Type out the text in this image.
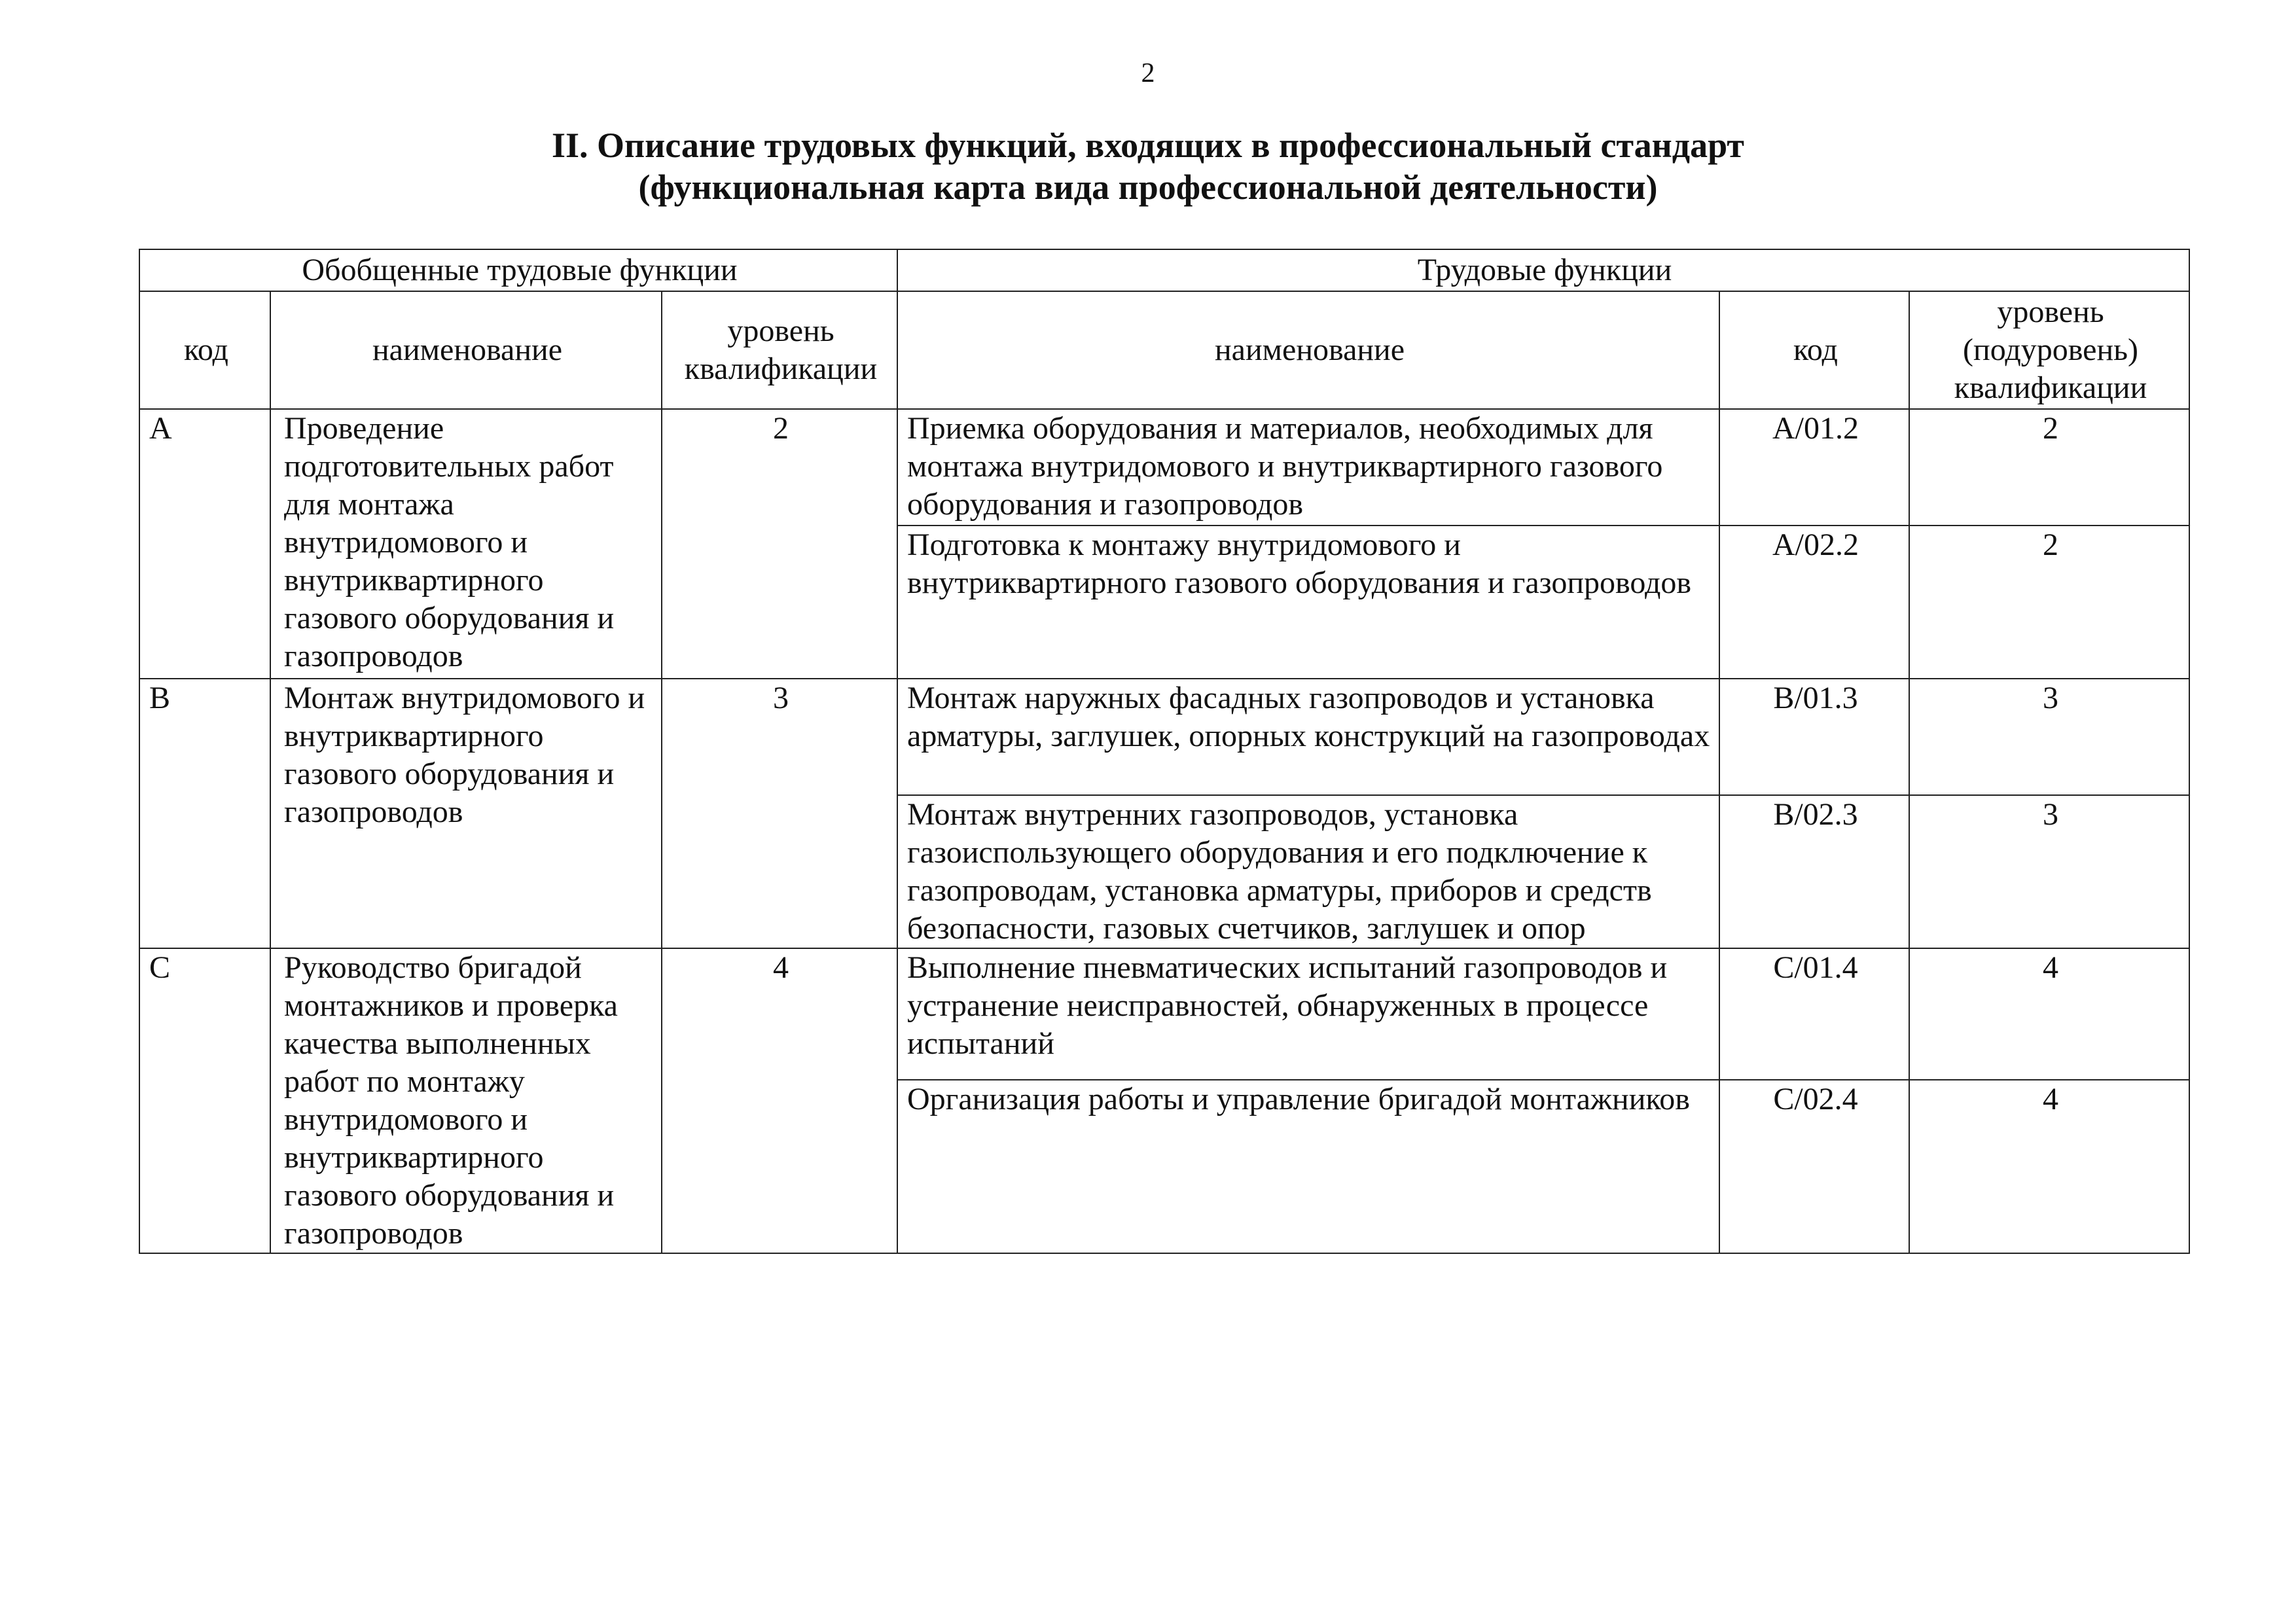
2
II. Описание трудовых функций, входящих в профессиональный стандарт
(функциональная карта вида профессиональной деятельности)
Обобщенные трудовые функции			Трудовые функции		
код	наименование	уровень квалификации	наименование	код	уровень (подуровень) квалификации
A	Проведение подготовительных работ для монтажа внутридомового и внутриквартирного газового оборудования и газопроводов	2	Приемка оборудования и материалов, необходимых для монтажа внутридомового и внутриквартирного газового оборудования и газопроводов	A/01.2	2
			Подготовка к монтажу внутридомового и внутриквартирного газового оборудования и газопроводов	A/02.2	2
B	Монтаж внутридомового и внутриквартирного газового оборудования и газопроводов	3	Монтаж наружных фасадных газопроводов и установка арматуры, заглушек, опорных конструкций на газопроводах	B/01.3	3
			Монтаж внутренних газопроводов, установка газоиспользующего оборудования и его подключение к газопроводам, установка арматуры, приборов и средств безопасности, газовых счетчиков, заглушек и опор	B/02.3	3
C	Руководство бригадой монтажников и проверка качества выполненных работ по монтажу внутридомового и внутриквартирного газового оборудования и газопроводов	4	Выполнение пневматических испытаний газопроводов и устранение неисправностей, обнаруженных в процессе испытаний	C/01.4	4
			Организация работы и управление бригадой монтажников	C/02.4	4
